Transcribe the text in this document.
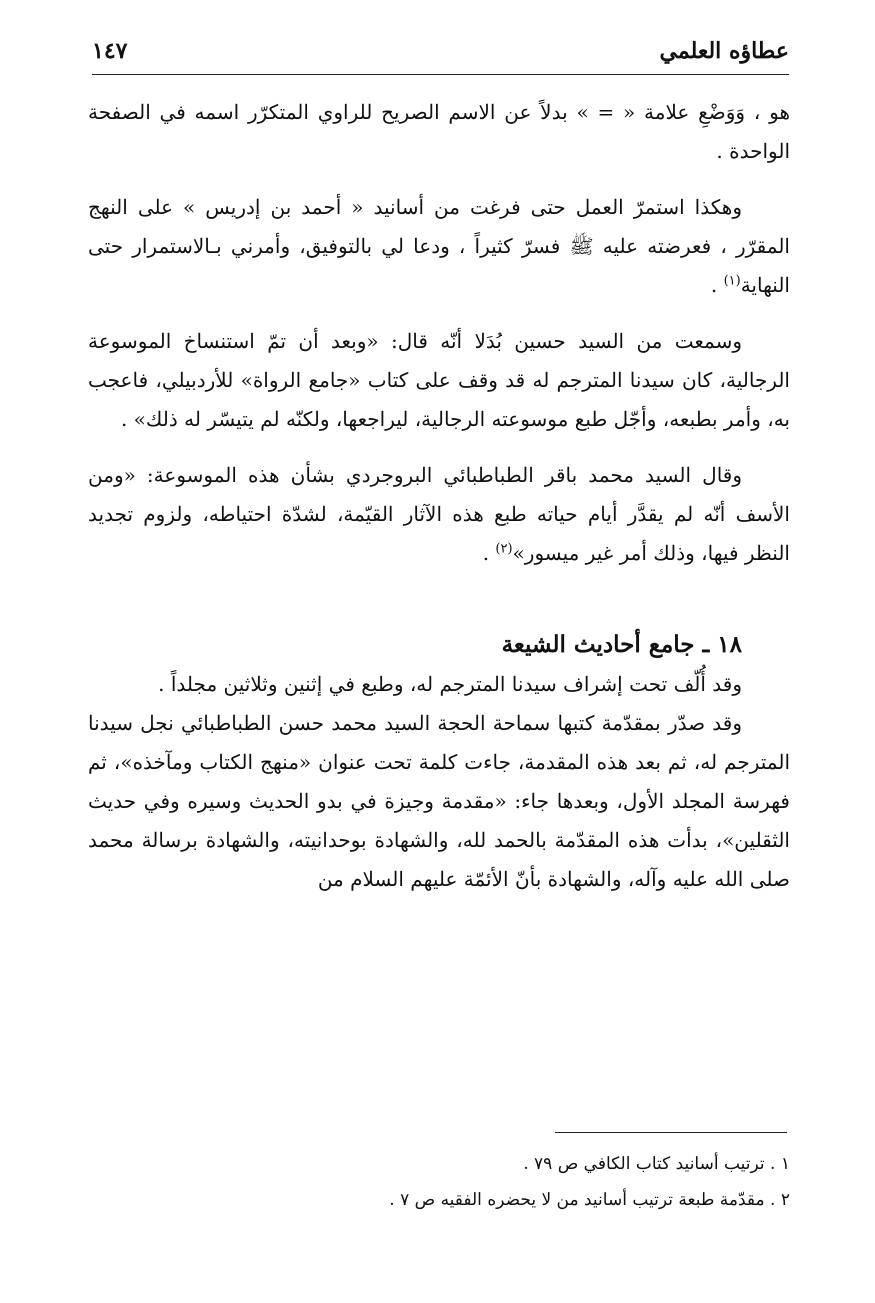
عطاؤه العلمي
١٤٧

هو ، وَوَضْعِ علامة « = » بدلاً عن الاسم الصريح للراوي المتكرّر اسمه في الصفحة الواحدة .

وهكذا استمرّ العمل حتى فرغت من أسانيد « أحمد بن إدريس » على النهج المقرّر ، فعرضته عليه ﷺ فسرّ كثيراً ، ودعا لي بالتوفيق، وأمرني بـالاستمرار حتى النهاية$^{(١)}$ .

وسمعت من السيد حسين بُدَلا أنّه قال: «وبعد أن تمّ استنساخ الموسوعة الرجالية، كان سيدنا المترجم له قد وقف على كتاب «جامع الرواة» للأردبيلي، فاعجب به، وأمر بطبعه، وأجّل طبع موسوعته الرجالية، ليراجعها، ولكنّه لم يتيسّر له ذلك» .

وقال السيد محمد باقر الطباطبائي البروجردي بشأن هذه الموسوعة: «ومن الأسف أنّه لم يقدَّر أيام حياته طبع هذه الآثار القيّمة، لشدّة احتياطه، ولزوم تجديد النظر فيها، وذلك أمر غير ميسور»$^{(٢)}$ .

١٨ ـ جامع أحاديث الشيعة

وقد أُلّف تحت إشراف سيدنا المترجم له، وطبع في إثنين وثلاثين مجلداً .

وقد صدّر بمقدّمة كتبها سماحة الحجة السيد محمد حسن الطباطبائي نجل سيدنا المترجم له، ثم بعد هذه المقدمة، جاءت كلمة تحت عنوان «منهج الكتاب ومآخذه»، ثم فهرسة المجلد الأول، وبعدها جاء: «مقدمة وجيزة في بدو الحديث وسيره وفي حديث الثقلين»، بدأت هذه المقدّمة بالحمد لله، والشهادة بوحدانيته، والشهادة برسالة محمد صلى الله عليه وآله، والشهادة بأنّ الأئمّة عليهم السلام من

١ . ترتيب أسانيد كتاب الكافي ص ٧٩ .

٢ . مقدّمة طبعة ترتيب أسانيد من لا يحضره الفقيه ص ٧ .
